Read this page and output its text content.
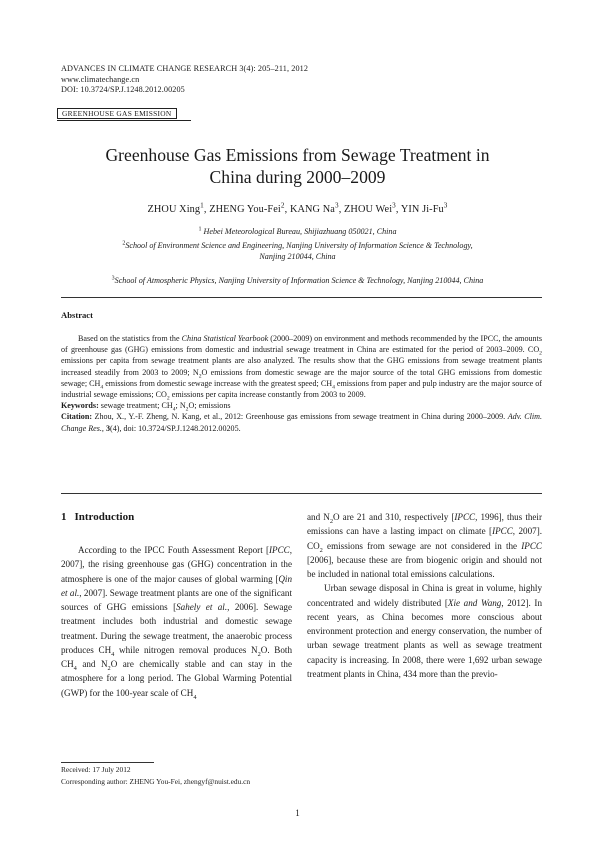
ADVANCES IN CLIMATE CHANGE RESEARCH 3(4): 205–211, 2012
www.climatechange.cn
DOI: 10.3724/SP.J.1248.2012.00205
GREENHOUSE GAS EMISSION
Greenhouse Gas Emissions from Sewage Treatment in
China during 2000–2009
ZHOU Xing$^1$, ZHENG You-Fei$^2$, KANG Na$^3$, ZHOU Wei$^3$, YIN Ji-Fu$^3$
$^1$ Hebei Meteorological Bureau, Shijiazhuang 050021, China
$^2$School of Environment Science and Engineering, Nanjing University of Information Science & Technology,
Nanjing 210044, China
$^3$School of Atmospheric Physics, Nanjing University of Information Science & Technology, Nanjing 210044, China
Abstract

Based on the statistics from the China Statistical Yearbook (2000–2009) on environment and methods recommended by the IPCC, the amounts of greenhouse gas (GHG) emissions from domestic and industrial sewage treatment in China are estimated for the period of 2003–2009. $CO_2$ emissions per capita from sewage treatment plants are also analyzed. The results show that the GHG emissions from sewage treatment plants increased steadily from 2003 to 2009; $N_2O$ emissions from domestic sewage are the major source of the total GHG emissions from domestic sewage; $CH_4$ emissions from domestic sewage increase with the greatest speed; $CH_4$ emissions from paper and pulp industry are the major source of industrial sewage emissions; $CO_2$ emissions per capita increase constantly from 2003 to 2009.

Keywords: sewage treatment; $CH_4$; $N_2O$; emissions

Citation: Zhou, X., Y.-F. Zheng, N. Kang, et al., 2012: Greenhouse gas emissions from sewage treatment in China during 2000–2009. Adv. Clim. Change Res., 3(4), doi: 10.3724/SP.J.1248.2012.00205.

1 Introduction

According to the IPCC Fouth Assessment Report [IPCC, 2007], the rising greenhouse gas (GHG) concentration in the atmosphere is one of the major causes of global warming [Qin et al., 2007]. Sewage treatment plants are one of the significant sources of GHG emissions [Sahely et al., 2006]. Sewage treatment includes both industrial and domestic sewage treatment. During the sewage treatment, the anaerobic process produces $CH_4$ while nitrogen removal produces $N_2O$. Both $CH_4$ and $N_2O$ are chemically stable and can stay in the atmosphere for a long period. The Global Warming Potential (GWP) for the 100-year scale of $CH_4$

and $N_2O$ are 21 and 310, respectively [IPCC, 1996], thus their emissions can have a lasting impact on climate [IPCC, 2007]. $CO_2$ emissions from sewage are not considered in the IPCC [2006], because these are from biogenic origin and should not be included in national total emissions calculations.

Urban sewage disposal in China is great in volume, highly concentrated and widely distributed [Xie and Wang, 2012]. In recent years, as China becomes more conscious about environment protection and energy conservation, the number of urban sewage treatment plants as well as sewage treatment capacity is increasing. In 2008, there were 1,692 urban sewage treatment plants in China, 434 more than the previo-

Received: 17 July 2012
Corresponding author: ZHENG You-Fei, zhengyf@nuist.edu.cn
1
